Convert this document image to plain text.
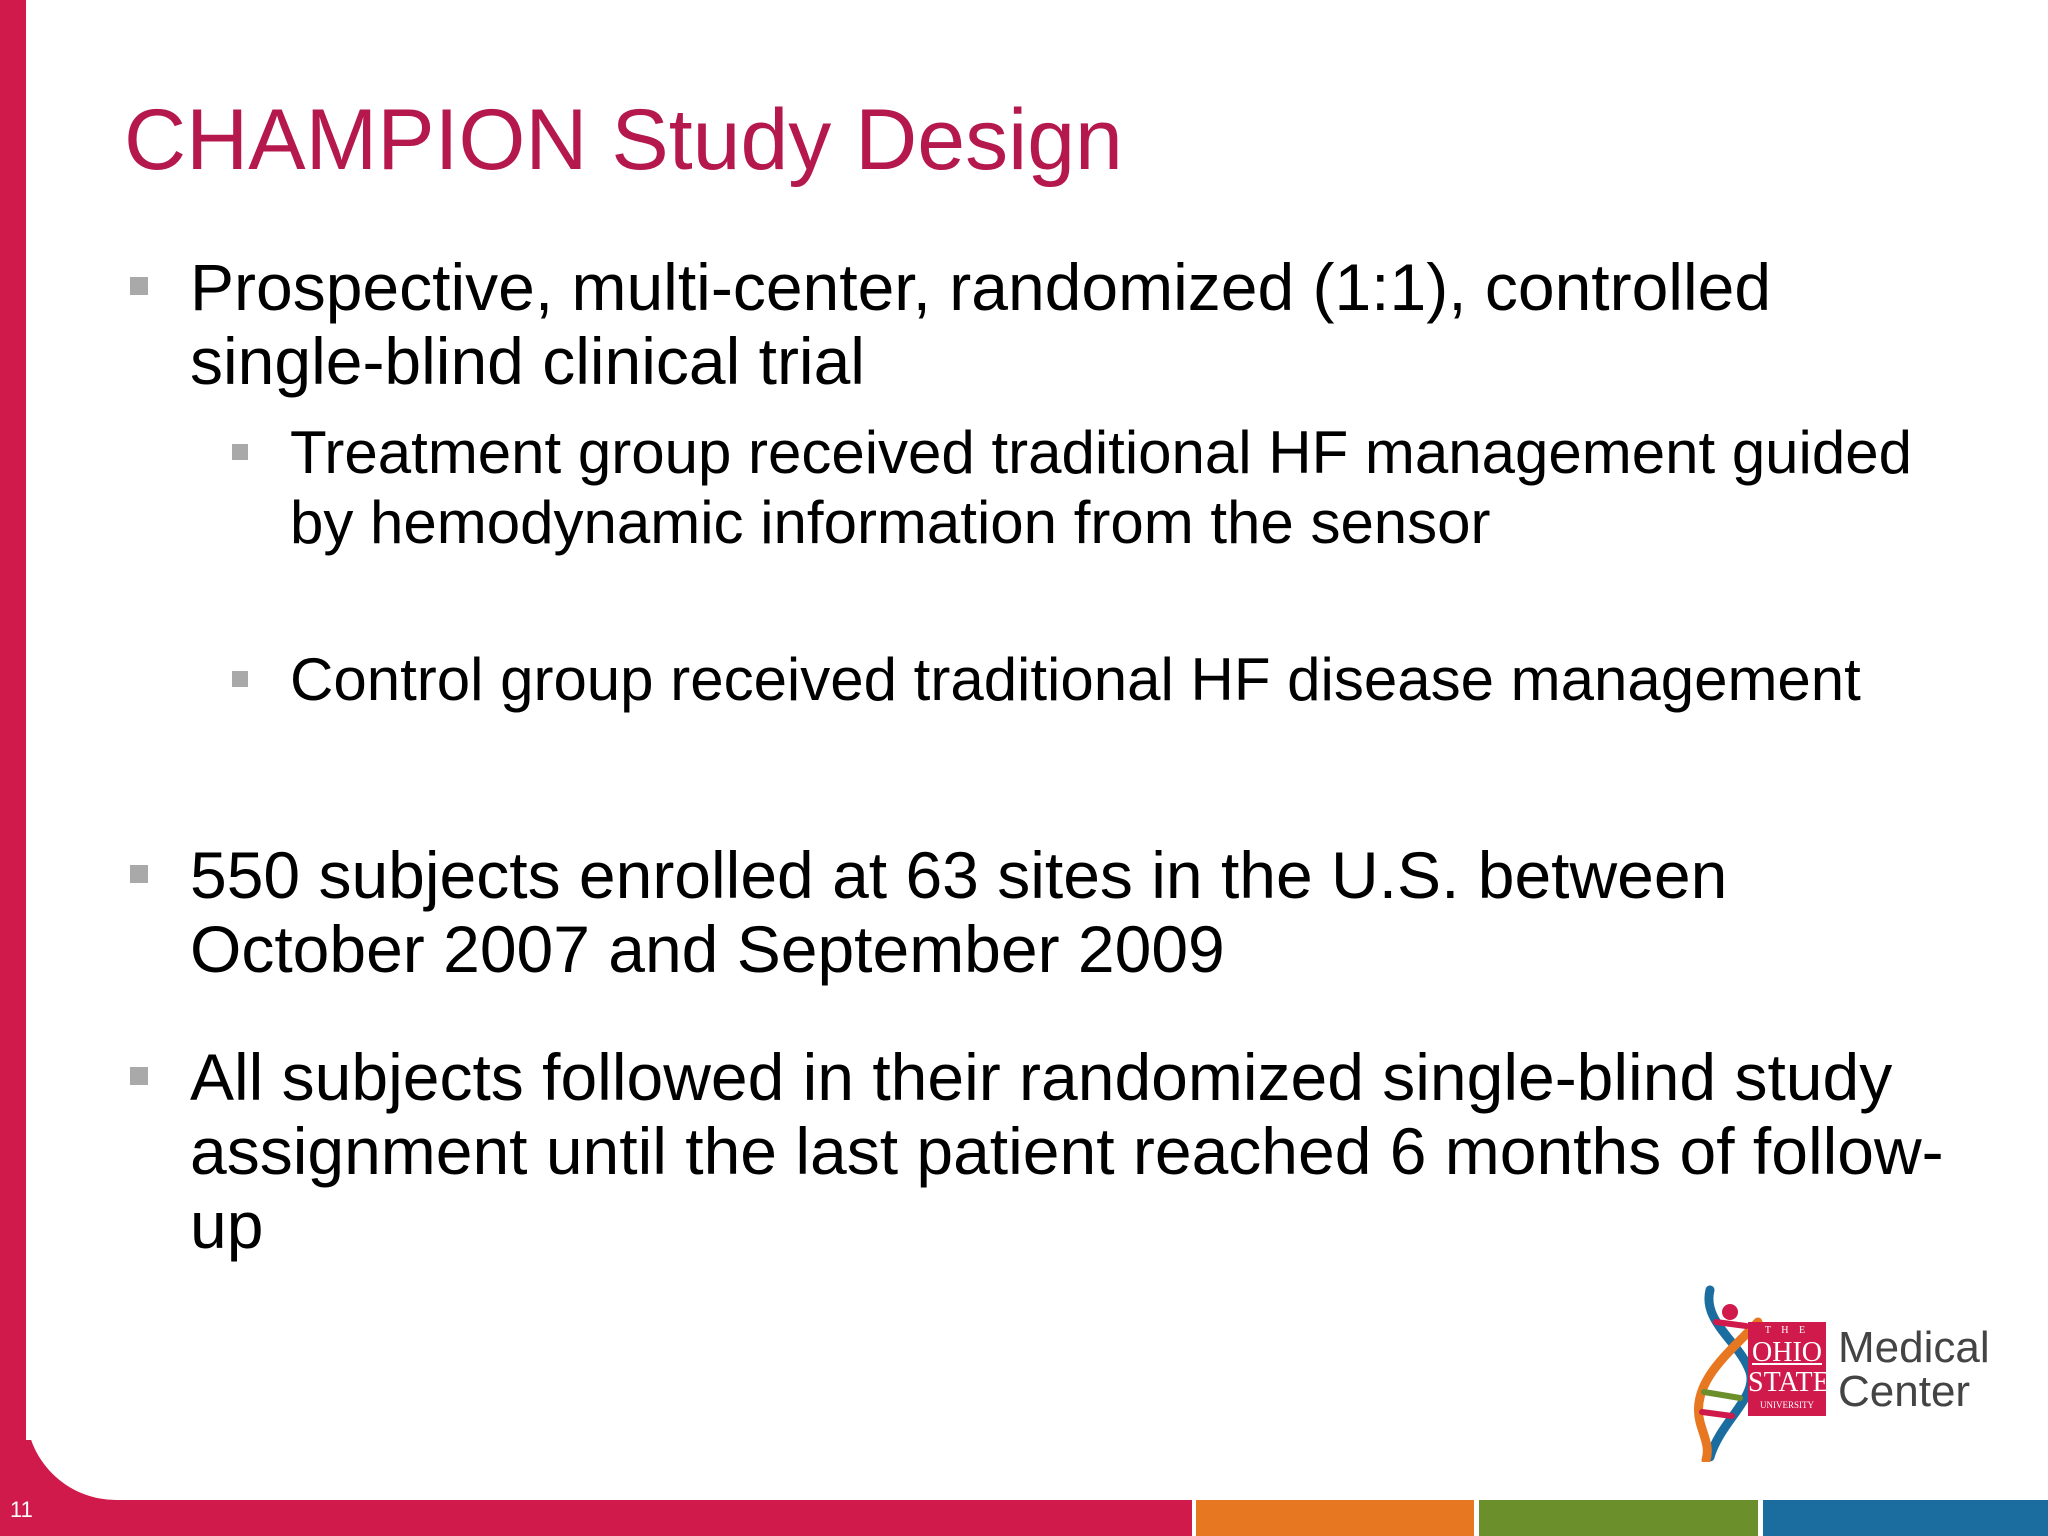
11
CHAMPION Study Design
Prospective, multi-center, randomized (1:1), controlled single-blind clinical trial
Treatment group received traditional HF management guided by hemodynamic information from the sensor
Control group received traditional HF disease management
550 subjects enrolled at 63 sites in the U.S. between October 2007 and September 2009
All subjects followed in their randomized single-blind study assignment until the last patient reached 6 months of follow-up
T H E
OHIO
STATE
UNIVERSITY
Medical
Center
